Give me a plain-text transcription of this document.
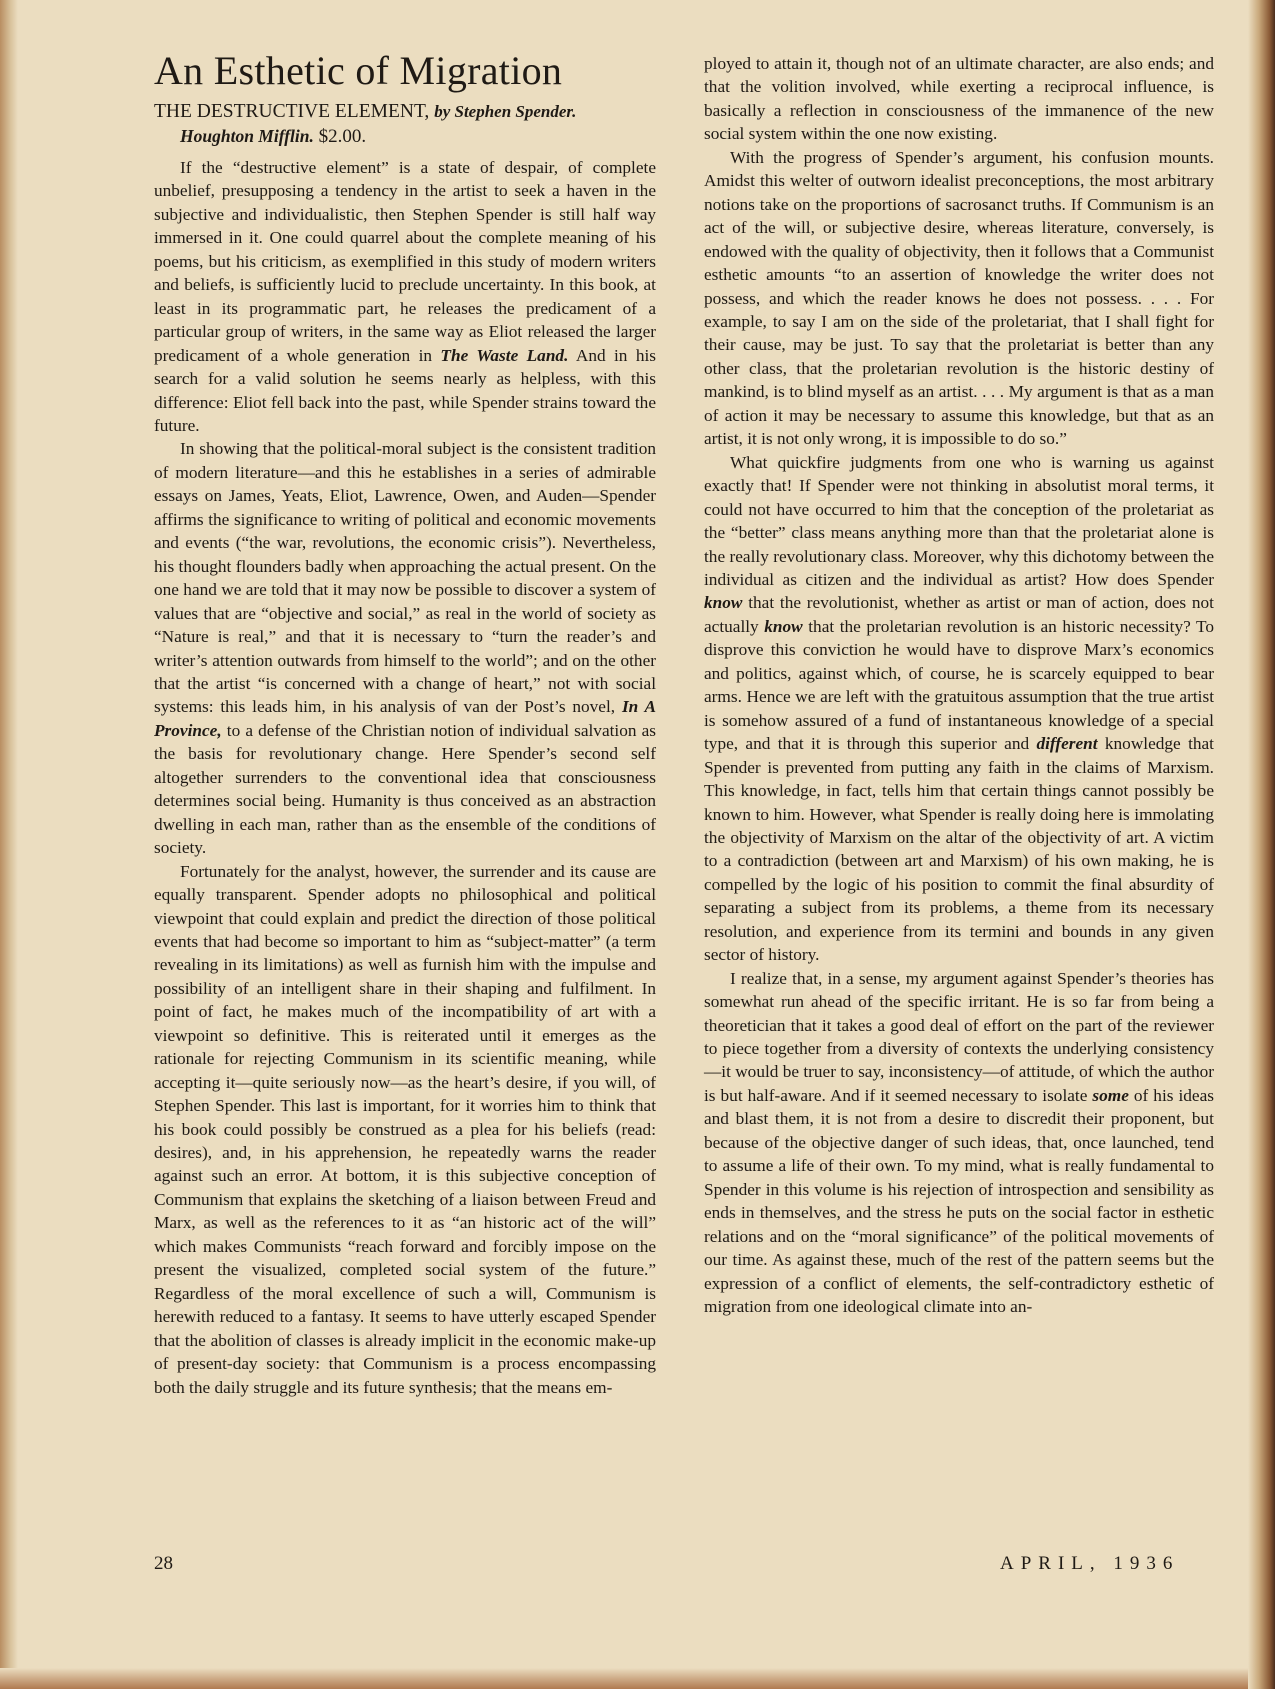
An Esthetic of Migration

THE DESTRUCTIVE ELEMENT, by Stephen Spender.

Houghton Mifflin. $2.00.

If the “destructive element” is a state of despair, of complete unbelief, presupposing a tendency in the artist to seek a haven in the subjective and individualistic, then Stephen Spender is still half way immersed in it. One could quarrel about the complete meaning of his poems, but his criticism, as exemplified in this study of modern writers and beliefs, is sufficiently lucid to preclude uncertainty. In this book, at least in its programmatic part, he releases the predicament of a particular group of writers, in the same way as Eliot released the larger predicament of a whole generation in The Waste Land. And in his search for a valid solution he seems nearly as helpless, with this difference: Eliot fell back into the past, while Spender strains toward the future.

In showing that the political-moral subject is the consistent tradition of modern literature—and this he establishes in a series of admirable essays on James, Yeats, Eliot, Lawrence, Owen, and Auden—Spender affirms the significance to writing of political and economic movements and events (“the war, revolutions, the economic crisis”). Nevertheless, his thought flounders badly when approaching the actual present. On the one hand we are told that it may now be possible to discover a system of values that are “objective and social,” as real in the world of society as “Nature is real,” and that it is necessary to “turn the reader’s and writer’s attention outwards from himself to the world”; and on the other that the artist “is concerned with a change of heart,” not with social systems: this leads him, in his analysis of van der Post’s novel, In A Province, to a defense of the Christian notion of individual salvation as the basis for revolutionary change. Here Spender’s second self altogether surrenders to the conventional idea that consciousness determines social being. Humanity is thus conceived as an abstraction dwelling in each man, rather than as the ensemble of the conditions of society.

Fortunately for the analyst, however, the surrender and its cause are equally transparent. Spender adopts no philosophical and political viewpoint that could explain and predict the direction of those political events that had become so important to him as “subject-matter” (a term revealing in its limitations) as well as furnish him with the impulse and possibility of an intelligent share in their shaping and fulfilment. In point of fact, he makes much of the incompatibility of art with a viewpoint so definitive. This is reiterated until it emerges as the rationale for rejecting Communism in its scientific meaning, while accepting it—quite seriously now—as the heart’s desire, if you will, of Stephen Spender. This last is important, for it worries him to think that his book could possibly be construed as a plea for his beliefs (read: desires), and, in his apprehension, he repeatedly warns the reader against such an error. At bottom, it is this subjective conception of Communism that explains the sketching of a liaison between Freud and Marx, as well as the references to it as “an historic act of the will” which makes Communists “reach forward and forcibly impose on the present the visualized, completed social system of the future.” Regardless of the moral excellence of such a will, Communism is herewith reduced to a fantasy. It seems to have utterly escaped Spender that the abolition of classes is already implicit in the economic make-up of present-day society: that Communism is a process encompassing both the daily struggle and its future synthesis; that the means em-

ployed to attain it, though not of an ultimate character, are also ends; and that the volition involved, while exerting a reciprocal influence, is basically a reflection in consciousness of the immanence of the new social system within the one now existing.

With the progress of Spender’s argument, his confusion mounts. Amidst this welter of outworn idealist preconceptions, the most arbitrary notions take on the proportions of sacrosanct truths. If Communism is an act of the will, or subjective desire, whereas literature, conversely, is endowed with the quality of objectivity, then it follows that a Communist esthetic amounts “to an assertion of knowledge the writer does not possess, and which the reader knows he does not possess. . . . For example, to say I am on the side of the proletariat, that I shall fight for their cause, may be just. To say that the proletariat is better than any other class, that the proletarian revolution is the historic destiny of mankind, is to blind myself as an artist. . . . My argument is that as a man of action it may be necessary to assume this knowledge, but that as an artist, it is not only wrong, it is impossible to do so.”

What quickfire judgments from one who is warning us against exactly that! If Spender were not thinking in absolutist moral terms, it could not have occurred to him that the conception of the proletariat as the “better” class means anything more than that the proletariat alone is the really revolutionary class. Moreover, why this dichotomy between the individual as citizen and the individual as artist? How does Spender know that the revolutionist, whether as artist or man of action, does not actually know that the proletarian revolution is an historic necessity? To disprove this conviction he would have to disprove Marx’s economics and politics, against which, of course, he is scarcely equipped to bear arms. Hence we are left with the gratuitous assumption that the true artist is somehow assured of a fund of instantaneous knowledge of a special type, and that it is through this superior and different knowledge that Spender is prevented from putting any faith in the claims of Marxism. This knowledge, in fact, tells him that certain things cannot possibly be known to him. However, what Spender is really doing here is immolating the objectivity of Marxism on the altar of the objectivity of art. A victim to a contradiction (between art and Marxism) of his own making, he is compelled by the logic of his position to commit the final absurdity of separating a subject from its problems, a theme from its necessary resolution, and experience from its termini and bounds in any given sector of history.

I realize that, in a sense, my argument against Spender’s theories has somewhat run ahead of the specific irritant. He is so far from being a theoretician that it takes a good deal of effort on the part of the reviewer to piece together from a diversity of contexts the underlying consistency—it would be truer to say, inconsistency—of attitude, of which the author is but half-aware. And if it seemed necessary to isolate some of his ideas and blast them, it is not from a desire to discredit their proponent, but because of the objective danger of such ideas, that, once launched, tend to assume a life of their own. To my mind, what is really fundamental to Spender in this volume is his rejection of introspection and sensibility as ends in themselves, and the stress he puts on the social factor in esthetic relations and on the “moral significance” of the political movements of our time. As against these, much of the rest of the pattern seems but the expression of a conflict of elements, the self-contradictory esthetic of migration from one ideological climate into an-

28	APRIL, 1936
